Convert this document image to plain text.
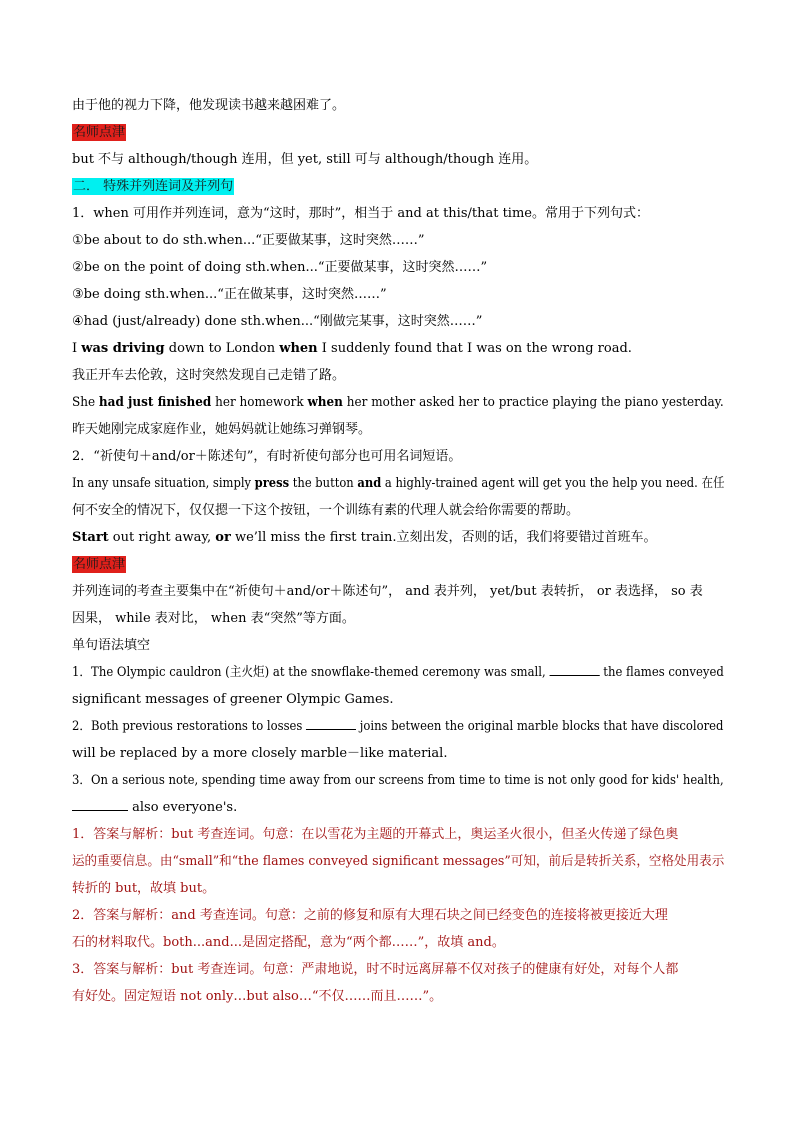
由于他的视力下降，他发现读书越来越困难了。
名师点津
but 不与 although/though 连用，但 yet, still 可与 although/though 连用。
二． 特殊并列连词及并列句
1．when 可用作并列连词，意为“这时，那时”，相当于 and at this/that time。常用于下列句式：
①be about to do sth.when...“正要做某事，这时突然……”
②be on the point of doing sth.when...“正要做某事，这时突然……”
③be doing sth.when...“正在做某事，这时突然……”
④had (just/already) done sth.when...“刚做完某事，这时突然……”
I was driving down to London when I suddenly found that I was on the wrong road.
我正开车去伦敦，这时突然发现自己走错了路。
She had just finished her homework when her mother asked her to practice playing the piano yesterday.
昨天她刚完成家庭作业，她妈妈就让她练习弹钢琴。
2．“祈使句＋and/or＋陈述句”，有时祈使句部分也可用名词短语。
In any unsafe situation, simply press the button and a highly-trained agent will get you the help you need. 在任
何不安全的情况下，仅仅摁一下这个按钮，一个训练有素的代理人就会给你需要的帮助。
Start out right away, or we’ll miss the first train.立刻出发，否则的话，我们将要错过首班车。
名师点津
并列连词的考查主要集中在“祈使句＋and/or＋陈述句”， and 表并列， yet/but 表转折， or 表选择， so 表
因果， while 表对比， when 表“突然”等方面。
单句语法填空
1．The Olympic cauldron (主火炬) at the snowflake-themed ceremony was small,	the flames conveyed
significant messages of greener Olympic Games.
2．Both previous restorations to losses	joins between the original marble blocks that have discolored
will be replaced by a more closely marble－like material.
3．On a serious note, spending time away from our screens from time to time is not only good for kids' health,
also everyone's.
1．答案与解析：but 考查连词。句意：在以雪花为主题的开幕式上，奥运圣火很小，但圣火传递了绿色奥
运的重要信息。由“small”和“the flames conveyed significant messages”可知，前后是转折关系，空格处用表示
转折的 but，故填 but。
2．答案与解析：and 考查连词。句意：之前的修复和原有大理石块之间已经变色的连接将被更接近大理
石的材料取代。both...and...是固定搭配，意为“两个都……”，故填 and。
3．答案与解析：but 考查连词。句意：严肃地说，时不时远离屏幕不仅对孩子的健康有好处，对每个人都
有好处。固定短语 not only…but also…“不仅……而且……”。
